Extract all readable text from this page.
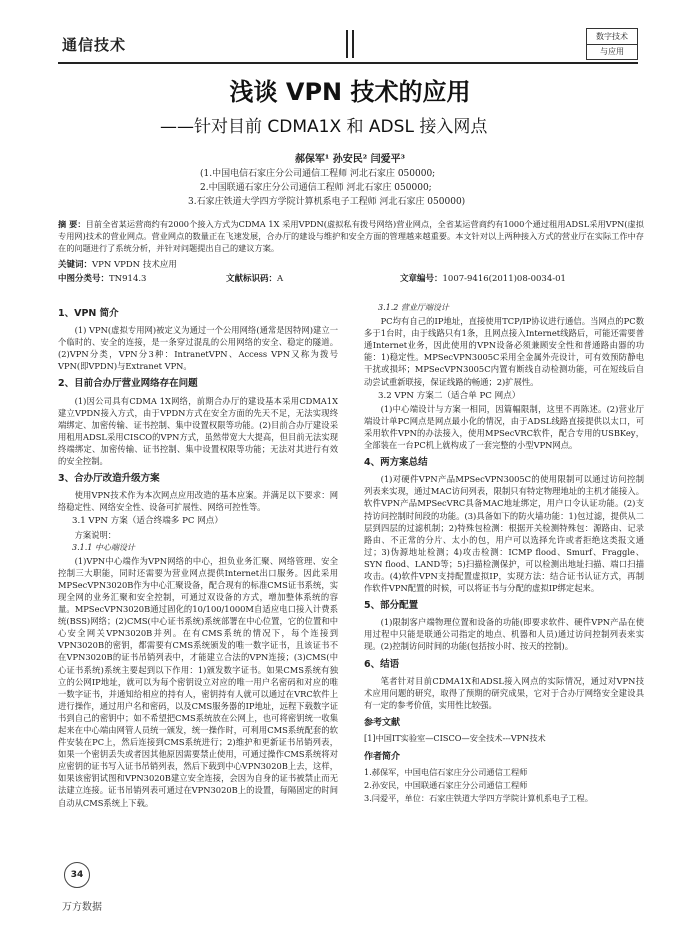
通信技术	数字技术
与应用
浅谈 VPN 技术的应用
——针对目前 CDMA1X 和 ADSL 接入网点
郝保军¹ 孙安民² 闫爱平³
(1.中国电信石家庄分公司通信工程师 河北石家庄 050000;
2.中国联通石家庄分公司通信工程师 河北石家庄 050000;
3.石家庄铁道大学四方学院计算机系电子工程师 河北石家庄 050000)
摘 要：目前全省某运营商约有2000个接入方式为CDMA 1X 采用VPDN(虚拟私有拨号网络)营业网点，全省某运营商约有1000个通过租用ADSL采用VPN(虚拟专用网)技术的营业网点。营业网点的数量正在飞速发展，合办厅的建设与维护和安全方面的管理越来越重要。本文针对以上两种接入方式的营业厅在实际工作中存在的问题进行了系统分析，并针对问题提出自己的建议方案。
关键词：VPN VPDN 技术应用
中图分类号：TN914.3	文献标识码：A	文章编号：1007-9416(2011)08-0034-01
1、VPN 简介

(1) VPN(虚拟专用网)被定义为通过一个公用网络(通常是因特网)建立一个临时的、安全的连接，是一条穿过混乱的公用网络的安全、稳定的隧道。(2)VPN分类，VPN分3种：IntranetVPN、Access VPN又称为拨号VPN(即VPDN)与Extranet VPN。

2、目前合办厅营业网络存在问题

(1)因公司具有CDMA 1X网络，前期合办厅的建设基本采用CDMA1X建立VPDN接入方式，由于VPDN方式在安全方面的先天不足，无法实现终端绑定、加密传输、证书控制、集中设置权限等功能。(2)目前合办厅建设采用租用ADSL采用CISCO的VPN方式，虽然带宽大大提高，但目前无法实现终端绑定、加密传输、证书控制、集中设置权限等功能；无法对其进行有效的安全控制。

3、合办厅改造升级方案

使用VPN技术作为本次网点应用改造的基本应案。并满足以下要求：网络稳定性、网络安全性、设备可扩展性、网络可控性等。

3.1 VPN 方案（适合终端多 PC 网点）

方案说明：

3.1.1 中心端设计

(1)VPN中心端作为VPN网络的中心，担负业务汇聚、网络管理、安全控制三大职能，同时还需要为营业网点提供Internet出口服务。因此采用MPSecVPN3020B作为中心汇聚设备，配合现有的标准CMS证书系统，实现全网的业务汇聚和安全控制，可通过双设备的方式，增加整体系统的容量。MPSecVPN3020B通过固化的10/100/1000M自适应电口接入计费系统(BSS)网络；(2)CMS(中心证书系统)系统部署在中心位置，它的位置和中心安全网关VPN3020B并列。在有CMS系统的情况下，每个连接到VPN3020B的密钥，都需要有CMS系统颁发的唯一数字证书，且该证书不在VPN3020B的证书吊销列表中，才能建立合法的VPN连接；(3)CMS(中心证书系统)系统主要起到以下作用：1)颁发数字证书。如果CMS系统有独立的公网IP地址，就可以为每个密钥设立对应的唯一用户名密码和对应的唯一数字证书，并通知给相应的持有人，密钥持有人就可以通过在VRC软件上进行操作，通过用户名和密码，以及CMS服务器的IP地址，远程下载数字证书到自己的密钥中；如不希望把CMS系统放在公网上，也可将密钥统一收集起来在中心端由网管人员统一颁发，统一操作时，可利用CMS系统配套的软件安装在PC上，然后连接到CMS系统进行；2)维护和更新证书吊销列表，如果一个密钥丢失或者因其他原因需要禁止使用，可通过操作CMS系统将对应密钥的证书写入证书吊销列表，然后下载到中心VPN3020B上去，这样，如果该密钥试图和VPN3020B建立安全连接，会因为自身的证书被禁止而无法建立连接。证书吊销列表可通过在VPN3020B上的设置，每隔固定的时间自动从CMS系统上下载。

3.1.2 营业厅端设计

PC均有自己的IP地址，直接使用TCP/IP协议进行通信。当网点的PC数多于1台时，由于线路只有1条，且网点接入Internet线路后，可能还需要普通Internet业务，因此使用的VPN设备必须兼顾安全性和普通路由器的功能：1)稳定性。MPSecVPN3005C采用全金属外壳设计，可有效预防静电干扰或损坏；MPSecVPN3005C内置有断线自动检测功能，可在短线后自动尝试重新联接，保证线路的畅通；2)扩展性。

3.2 VPN 方案二（适合单 PC 网点）

(1)中心端设计与方案一相同，因篇幅限制，这里不再陈述。(2)营业厅端设计单PC网点是网点最小化的情况，由于ADSL线路直接提供以太口，可采用软件VPN的办法接入，使用MPSecVRC软件，配合专用的USBKey，全部装在一台PC机上就构成了一套完整的小型VPN网点。

4、两方案总结

(1)对硬件VPN产品MPSecVPN3005C的使用限制可以通过访问控制列表来实现，通过MAC访问列表，限制只有特定物理地址的主机才能接入。软件VPN产品MPSecVRC具备MAC地址绑定，用户口令认证功能。(2)支持访问控制时间段的功能。(3)具备如下的防火墙功能：1)包过滤，提供从二层到四层的过滤机制；2)特殊包检测：根据开关检测特殊包：源路由、记录路由、不正常的分片、太小的包，用户可以选择允许或者拒绝这类报文通过；3)伪源地址检测；4)攻击检测：ICMP flood、Smurf、Fraggle、SYN flood、LAND等；5)扫描检测保护，可以检测出地址扫描、端口扫描攻击。(4)软件VPN支持配置虚拟IP，实现方法：结合证书认证方式，再制作软件VPN配置的时候，可以将证书与分配的虚拟IP绑定起来。

5、部分配置

(1)限制客户端物理位置和设备的功能(即要求软件、硬件VPN产品在使用过程中只能是联通公司指定的地点、机器和人员)通过访问控制列表来实现。(2)控制访问时间的功能(包括按小时、按天的控制)。

6、结语

笔者针对目前CDMA1X和ADSL接入网点的实际情况，通过对VPN技术应用问题的研究，取得了预期的研究成果，它对于合办厅网络安全建设具有一定的参考价值，实用性比较强。

参考文献
[1]中国IT实验室—CISCO—安全技术---VPN技术
作者简介
1.郝保军，中国电信石家庄分公司通信工程师
2.孙安民，中国联通石家庄分公司通信工程师
3.闫爱平，单位：石家庄铁道大学四方学院计算机系电子工程。
34
万方数据
